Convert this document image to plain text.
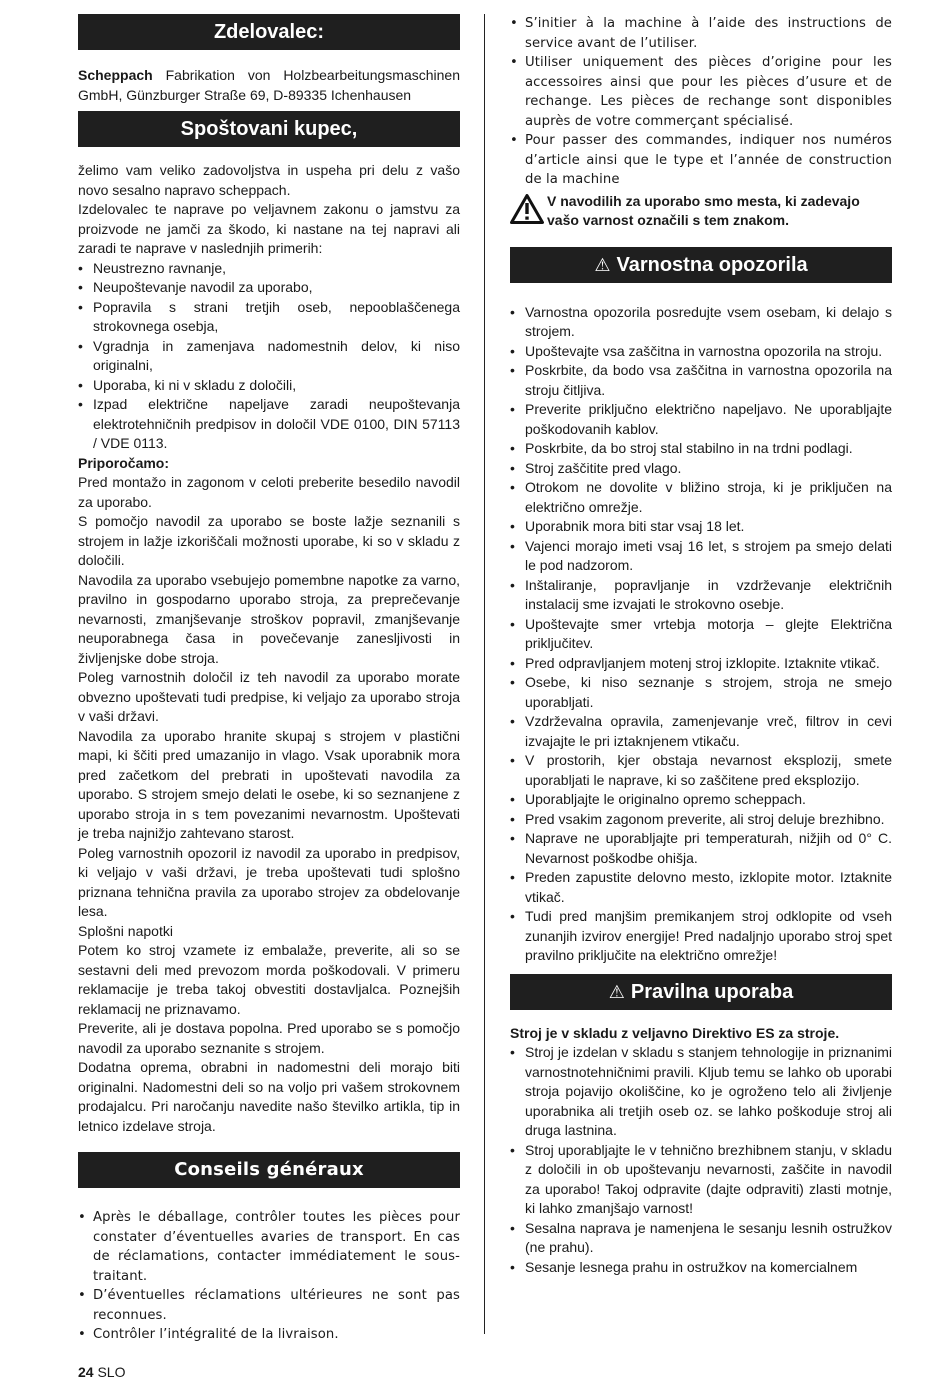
Zdelovalec:

Scheppach Fabrikation von Holzbearbeitungsmaschinen GmbH, Günzburger Straße 69, D-89335 Ichenhausen

Spoštovani kupec,

želimo vam veliko zadovoljstva in uspeha pri delu z vašo novo sesalno napravo scheppach.

Izdelovalec te naprave po veljavnem zakonu o jamstvu za proizvode ne jamči za škodo, ki nastane na tej napravi ali zaradi te naprave v naslednjih primerih:

• Neustrezno ravnanje,
• Neupoštevanje navodil za uporabo,
• Popravila s strani tretjih oseb, nepooblaščenega strokovnega osebja,
• Vgradnja in zamenjava nadomestnih delov, ki niso originalni,
• Uporaba, ki ni v skladu z določili,
• Izpad električne napeljave zaradi neupoštevanja elektrotehničnih predpisov in določil VDE 0100, DIN 57113 / VDE 0113.

Priporočamo:

Pred montažo in zagonom v celoti preberite besedilo navodil za uporabo.

S pomočjo navodil za uporabo se boste lažje seznanili s strojem in lažje izkoriščali možnosti uporabe, ki so v skladu z določili.

Navodila za uporabo vsebujejo pomembne napotke za varno, pravilno in gospodarno uporabo stroja, za preprečevanje nevarnosti, zmanjševanje stroškov popravil, zmanjševanje neuporabnega časa in povečevanje zanesljivosti in življenjske dobe stroja.

Poleg varnostnih določil iz teh navodil za uporabo morate obvezno upoštevati tudi predpise, ki veljajo za uporabo stroja v vaši državi.

Navodila za uporabo hranite skupaj s strojem v plastični mapi, ki ščiti pred umazanijo in vlago. Vsak uporabnik mora pred začetkom del prebrati in upoštevati navodila za uporabo. S strojem smejo delati le osebe, ki so seznanjene z uporabo stroja in s tem povezanimi nevarnostm. Upoštevati je treba najnižjo zahtevano starost.

Poleg varnostnih opozoril iz navodil za uporabo in predpisov, ki veljajo v vaši državi, je treba upoštevati tudi splošno priznana tehnična pravila za uporabo strojev za obdelovanje lesa.

Splošni napotki

Potem ko stroj vzamete iz embalaže, preverite, ali so se sestavni deli med prevozom morda poškodovali. V primeru reklamacije je treba takoj obvestiti dostavljalca. Poznejših reklamacij ne priznavamo.

Preverite, ali je dostava popolna. Pred uporabo se s pomočjo navodil za uporabo seznanite s strojem.

Dodatna oprema, obrabni in nadomestni deli morajo biti originalni. Nadomestni deli so na voljo pri vašem strokovnem prodajalcu. Pri naročanju navedite našo številko artikla, tip in letnico izdelave stroja.

Conseils généraux
• Après le déballage, contrôler toutes les pièces pour constater d’éventuelles avaries de transport. En cas de réclamations, contacter immédiatement le sous-traitant.
• D’éventuelles réclamations ultérieures ne sont pas reconnues.
• Contrôler l’intégralité de la livraison.
• S’initier à la machine à l’aide des instructions de service avant de l’utiliser.
• Utiliser uniquement des pièces d’origine pour les accessoires ainsi que pour les pièces d’usure et de rechange. Les pièces de rechange sont disponibles auprès de votre commerçant spécialisé.
• Pour passer des commandes, indiquer nos numéros d’article ainsi que le type et l’année de construction de la machine
V navodilih za uporabo smo mesta, ki zadevajo vašo varnost označili s tem znakom.
⚠ Varnostna opozorila
• Varnostna opozorila posredujte vsem osebam, ki delajo s strojem.
• Upoštevajte vsa zaščitna in varnostna opozorila na stroju.
• Poskrbite, da bodo vsa zaščitna in varnostna opozorila na stroju čitljiva.
• Preverite priključno električno napeljavo. Ne uporabljajte poškodovanih kablov.
• Poskrbite, da bo stroj stal stabilno in na trdni podlagi.
• Stroj zaščitite pred vlago.
• Otrokom ne dovolite v bližino stroja, ki je priključen na električno omrežje.
• Uporabnik mora biti star vsaj 18 let.
• Vajenci morajo imeti vsaj 16 let, s strojem pa smejo delati le pod nadzorom.
• Inštaliranje, popravljanje in vzdrževanje električnih instalacij sme izvajati le strokovno osebje.
• Upoštevajte smer vrtebja motorja – glejte Električna priključitev.
• Pred odpravljanjem motenj stroj izklopite. Iztaknite vtikač.
• Osebe, ki niso seznanje s strojem, stroja ne smejo uporabljati.
• Vzdrževalna opravila, zamenjevanje vreč, filtrov in cevi izvajajte le pri iztaknjenem vtikaču.
• V prostorih, kjer obstaja nevarnost eksplozij, smete uporabljati le naprave, ki so zaščitene pred eksplozijo.
• Uporabljajte le originalno opremo scheppach.
• Pred vsakim zagonom preverite, ali stroj deluje brezhibno.
• Naprave ne uporabljajte pri temperaturah, nižjih od 0° C. Nevarnost poškodbe ohišja.
• Preden zapustite delovno mesto, izklopite motor. Iztaknite vtikač.
• Tudi pred manjšim premikanjem stroj odklopite od vseh zunanjih izvirov energije! Pred nadaljnjo uporabo stroj spet pravilno priključite na električno omrežje!
⚠ Pravilna uporaba

Stroj je v skladu z veljavno Direktivo ES za stroje.

• Stroj je izdelan v skladu s stanjem tehnologije in priznanimi varnostnotehničnimi pravili. Kljub temu se lahko ob uporabi stroja pojavijo okoliščine, ko je ogroženo telo ali življenje uporabnika ali tretjih oseb oz. se lahko poškoduje stroj ali druga lastnina.
• Stroj uporabljajte le v tehnično brezhibnem stanju, v skladu z določili in ob upoštevanju nevarnosti, zaščite in navodil za uporabo! Takoj odpravite (dajte odpraviti) zlasti motnje, ki lahko zmanjšajo varnost!
• Sesalna naprava je namenjena le sesanju lesnih ostružkov (ne prahu).
• Sesanje lesnega prahu in ostružkov na komercialnem
24 SLO
